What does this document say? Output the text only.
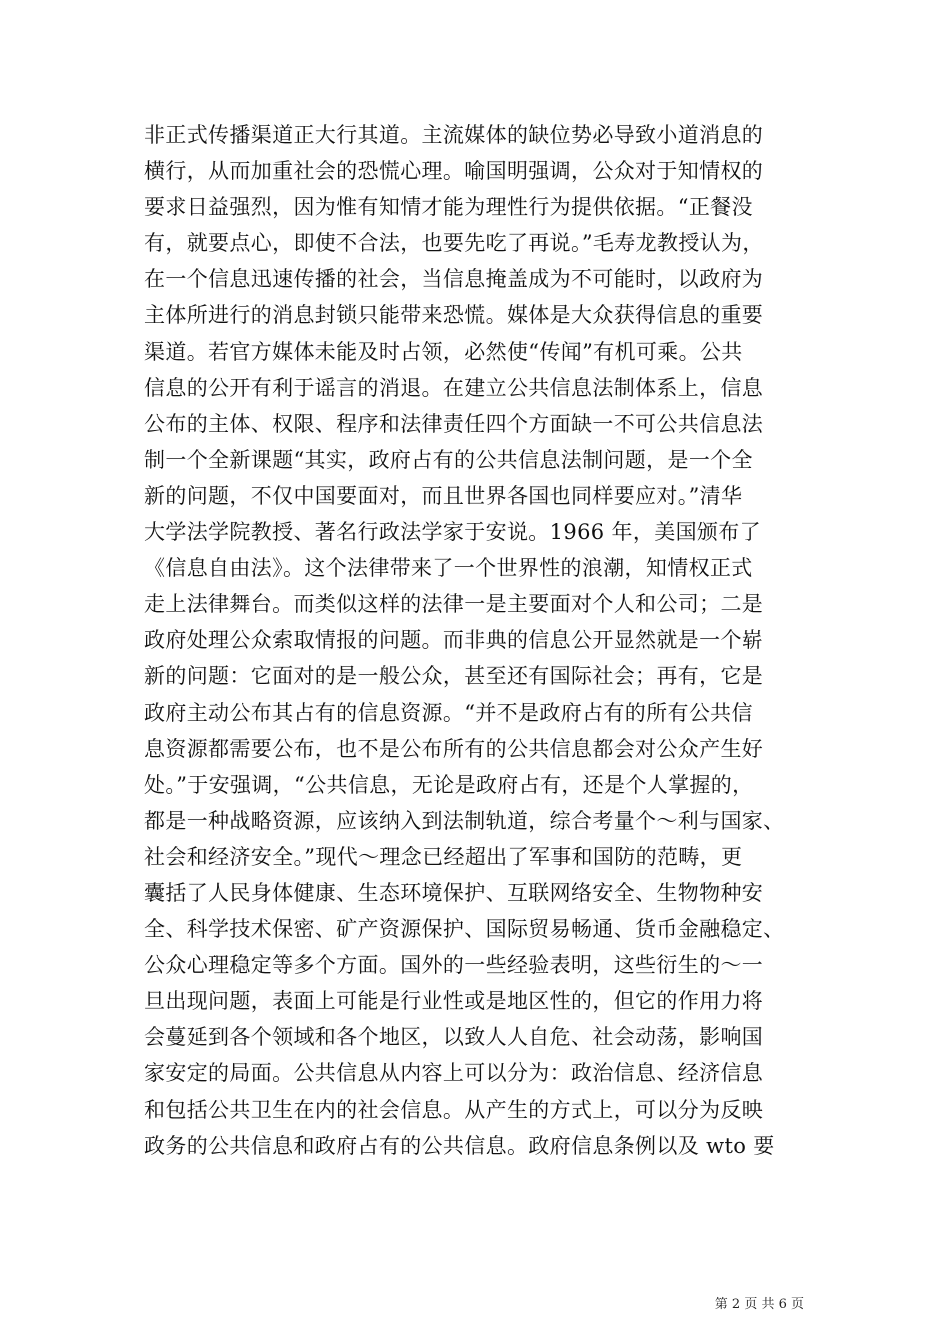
非正式传播渠道正大行其道。主流媒体的缺位势必导致小道消息的
横行，从而加重社会的恐慌心理。喻国明强调，公众对于知情权的
要求日益强烈，因为惟有知情才能为理性行为提供依据。“正餐没
有，就要点心，即使不合法，也要先吃了再说。”毛寿龙教授认为，
在一个信息迅速传播的社会，当信息掩盖成为不可能时，以政府为
主体所进行的消息封锁只能带来恐慌。媒体是大众获得信息的重要
渠道。若官方媒体未能及时占领，必然使“传闻”有机可乘。公共
信息的公开有利于谣言的消退。在建立公共信息法制体系上，信息
公布的主体、权限、程序和法律责任四个方面缺一不可公共信息法
制一个全新课题“其实，政府占有的公共信息法制问题，是一个全
新的问题，不仅中国要面对，而且世界各国也同样要应对。”清华
大学法学院教授、著名行政法学家于安说。1966 年，美国颁布了
《信息自由法》。这个法律带来了一个世界性的浪潮，知情权正式
走上法律舞台。而类似这样的法律一是主要面对个人和公司；二是
政府处理公众索取情报的问题。而非典的信息公开显然就是一个崭
新的问题：它面对的是一般公众，甚至还有国际社会；再有，它是
政府主动公布其占有的信息资源。“并不是政府占有的所有公共信
息资源都需要公布，也不是公布所有的公共信息都会对公众产生好
处。”于安强调，“公共信息，无论是政府占有，还是个人掌握的，
都是一种战略资源，应该纳入到法制轨道，综合考量个～利与国家、
社会和经济安全。”现代～理念已经超出了军事和国防的范畴，更
囊括了人民身体健康、生态环境保护、互联网络安全、生物物种安
全、科学技术保密、矿产资源保护、国际贸易畅通、货币金融稳定、
公众心理稳定等多个方面。国外的一些经验表明，这些衍生的～一
旦出现问题，表面上可能是行业性或是地区性的，但它的作用力将
会蔓延到各个领域和各个地区，以致人人自危、社会动荡，影响国
家安定的局面。公共信息从内容上可以分为：政治信息、经济信息
和包括公共卫生在内的社会信息。从产生的方式上，可以分为反映
政务的公共信息和政府占有的公共信息。政府信息条例以及 wto 要
第 2 页 共 6 页
